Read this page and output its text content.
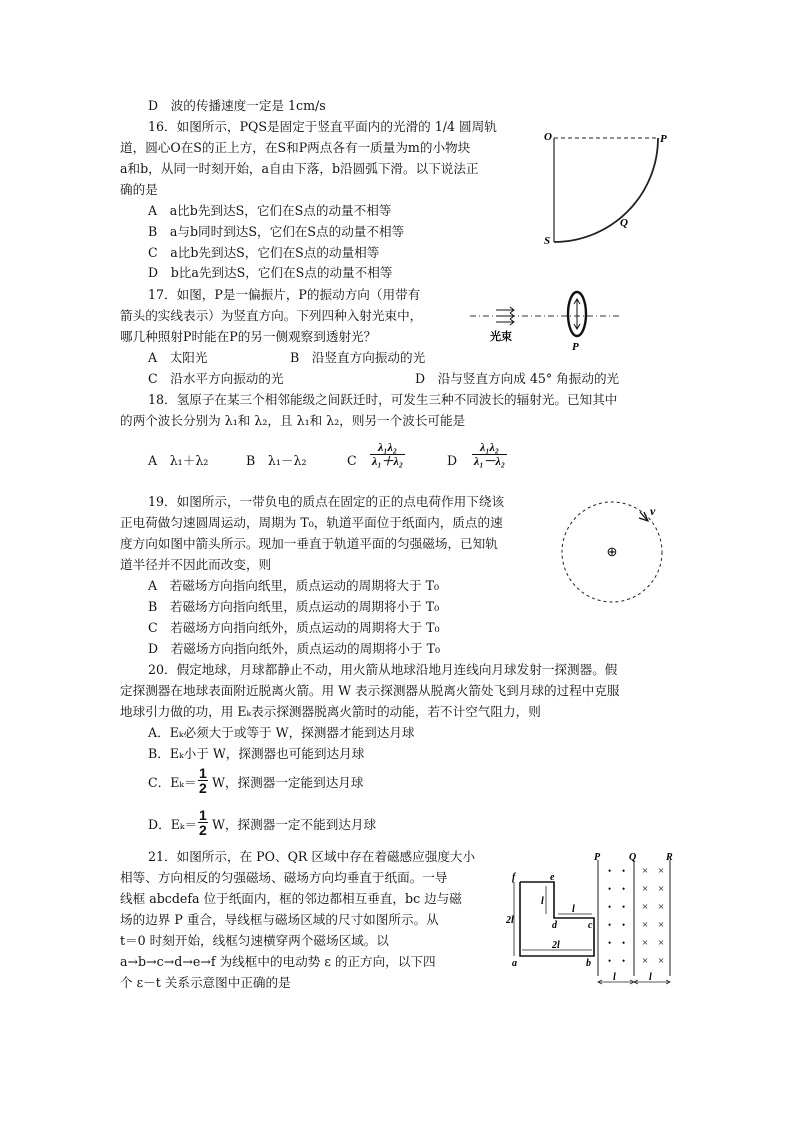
D　波的传播速度一定是 1cm/s
16．如图所示，PQS是固定于竖直平面内的光滑的 1/4 圆周轨
道，圆心O在S的正上方，在S和P两点各有一质量为m的小物块
a和b，从同一时刻开始，a自由下落，b沿圆弧下滑。以下说法正
确的是
A　a比b先到达S，它们在S点的动量不相等
B　a与b同时到达S，它们在S点的动量不相等
C　a比b先到达S，它们在S点的动量相等
D　b比a先到达S，它们在S点的动量不相等
17．如图，P是一偏振片，P的振动方向（用带有
箭头的实线表示）为竖直方向。下列四种入射光束中，
哪几种照射P时能在P的另一侧观察到透射光？
A　太阳光	B　沿竖直方向振动的光
C　沿水平方向振动的光	D　沿与竖直方向成 45° 角振动的光
18．氢原子在某三个相邻能级之间跃迁时，可发生三种不同波长的辐射光。已知其中
的两个波长分别为 λ₁和 λ₂，且 λ₁和 λ₂，则另一个波长可能是
A　λ₁＋λ₂	B　λ₁－λ₂	C	D
$\frac{\text{λ₁λ₂}}{\text{λ₁＋λ₂}}$	$\frac{\text{λ₁λ₂}}{\text{λ₁－λ₂}}$
19．如图所示，一带负电的质点在固定的正的点电荷作用下绕该
正电荷做匀速圆周运动，周期为 T₀，轨道平面位于纸面内，质点的速
度方向如图中箭头所示。现加一垂直于轨道平面的匀强磁场，已知轨
道半径并不因此而改变，则
A　若磁场方向指向纸里，质点运动的周期将大于 T₀
B　若磁场方向指向纸里，质点运动的周期将小于 T₀
C　若磁场方向指向纸外，质点运动的周期将大于 T₀
D　若磁场方向指向纸外，质点运动的周期将小于 T₀
20．假定地球，月球都静止不动，用火箭从地球沿地月连线向月球发射一探测器。假
定探测器在地球表面附近脱离火箭。用 W 表示探测器从脱离火箭处飞到月球的过程中克服
地球引力做的功，用 Eₖ表示探测器脱离火箭时的动能，若不计空气阻力，则
A．Eₖ必须大于或等于 W，探测器才能到达月球
B．Eₖ小于 W，探测器也可能到达月球
C．$E_k= \frac{1}{2}$ W，探测器一定能到达月球
D．$E_k= \frac{1}{2}$ W，探测器一定不能到达月球
21．如图所示，在 PO、QR 区域中存在着磁感应强度大小
相等、方向相反的匀强磁场、磁场方向均垂直于纸面。一导
线框 abcdefa 位于纸面内，框的邻边都相互垂直，bc 边与磁
场的边界 P 重合，导线框与磁场区域的尺寸如图所示。从
t＝0 时刻开始，线框匀速横穿两个磁场区域。以
a→b→c→d→e→f 为线框中的电动势 ε 的正方向，以下四
个 ε－t 关系示意图中正确的是
O	P
Q
S
光束
P
⊕
v
P	Q	R
• •
• •
• •
• •
• •
• •
× ×
× ×
× ×
× ×
× ×
× ×
2l
l
l
2l
f	e
d	c
a	b
l	l
